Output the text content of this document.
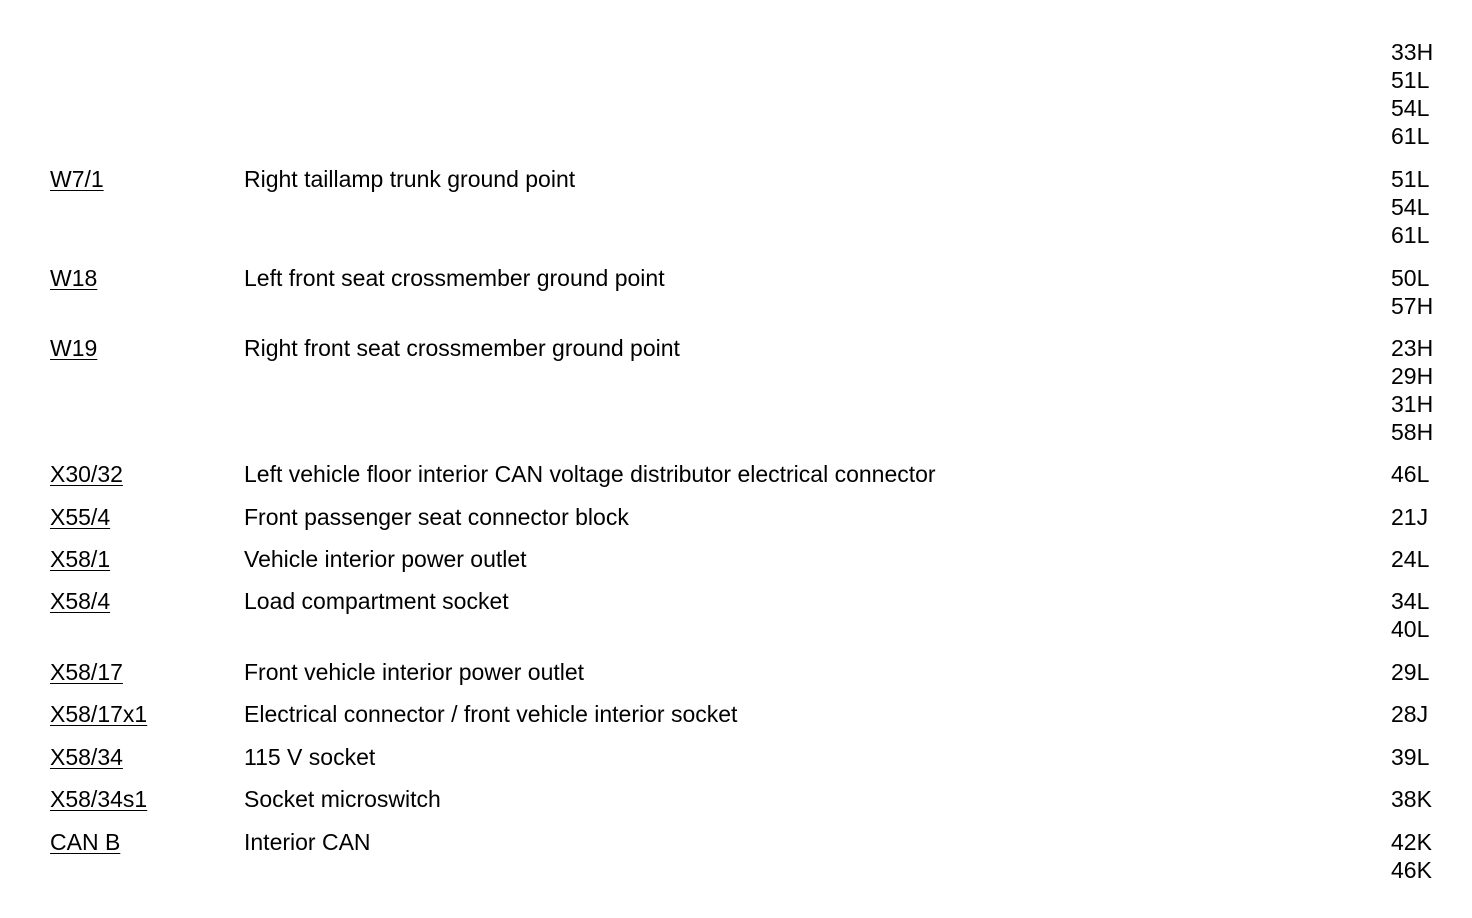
33H
51L
54L
61L
W7/1	Right taillamp trunk ground point	51L
54L
61L
W18	Left front seat crossmember ground point	50L
57H
W19	Right front seat crossmember ground point	23H
29H
31H
58H
X30/32	Left vehicle floor interior CAN voltage distributor electrical connector	46L
X55/4	Front passenger seat connector block	21J
X58/1	Vehicle interior power outlet	24L
X58/4	Load compartment socket	34L
40L
X58/17	Front vehicle interior power outlet	29L
X58/17x1	Electrical connector / front vehicle interior socket	28J
X58/34	115 V socket	39L
X58/34s1	Socket microswitch	38K
CAN B	Interior CAN	42K
46K
